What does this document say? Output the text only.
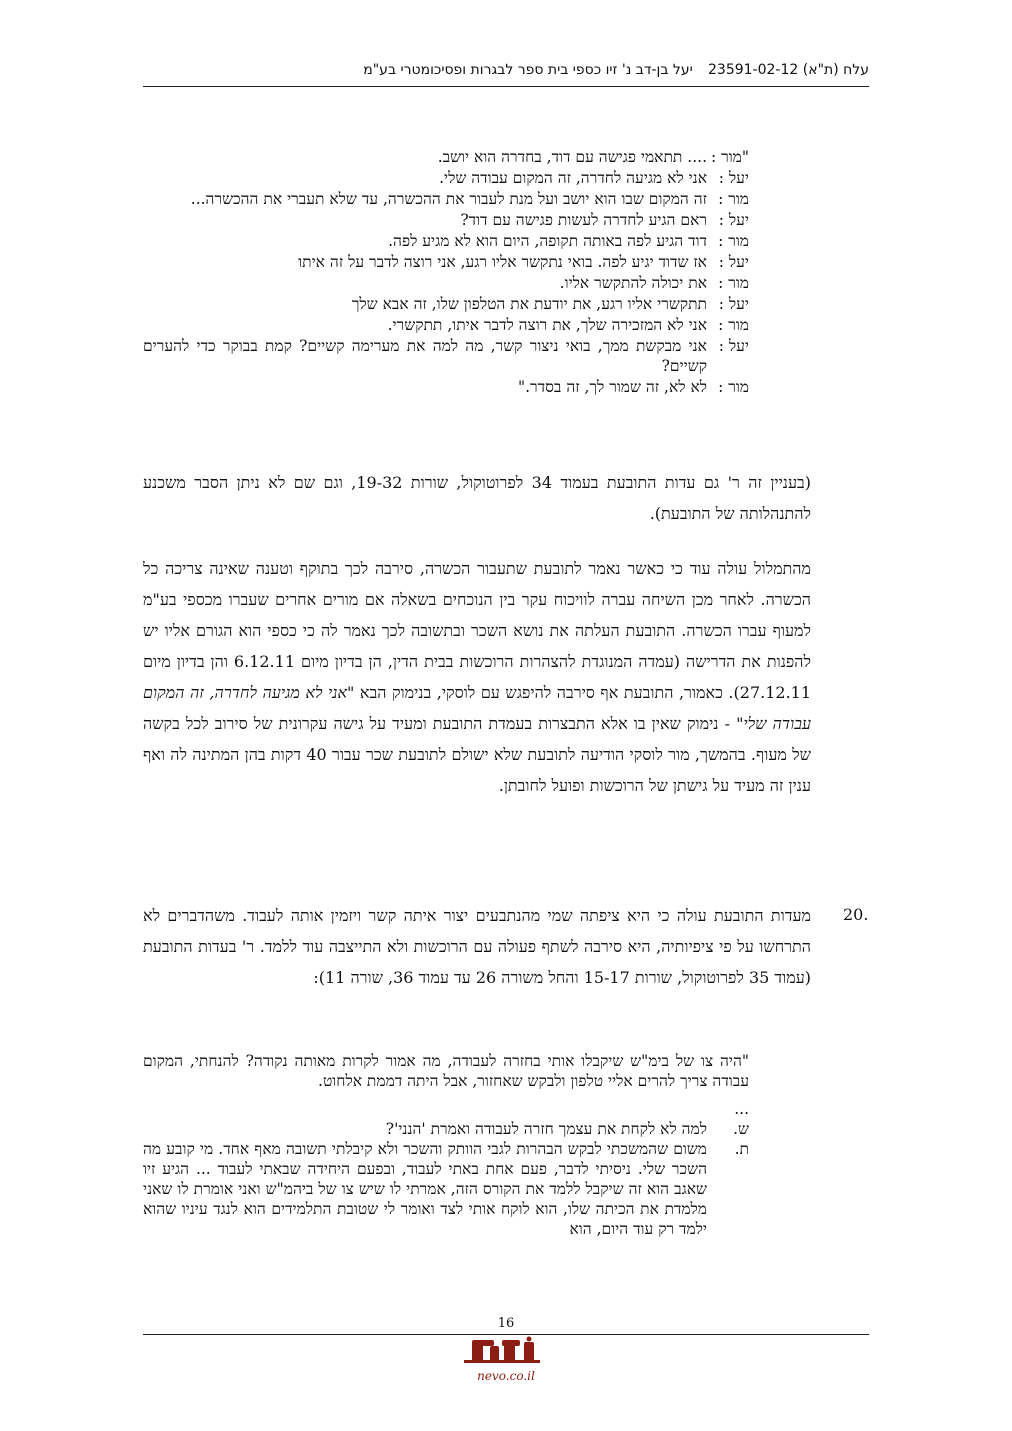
עלח (ת"א) 23591-02-12
יעל בן-דב נ' זיו כספי בית ספר לבגרות ופסיכומטרי בע"מ
"מור :
.... תתאמי פגישה עם דוד, בחדרה הוא יושב.
יעל :
אני לא מגיעה לחדרה, זה המקום עבודה שלי.
מור :
זה המקום שבו הוא יושב ועל מנת לעבור את ההכשרה, עד שלא תעברי את ההכשרה...
יעל :
ראם הגיע לחדרה לעשות פגישה עם דוד?
מור :
דוד הגיע לפה באותה תקופה, היום הוא לא מגיע לפה.
יעל :
אז שדוד יגיע לפה. בואי נתקשר אליו רגע, אני רוצה לדבר על זה איתו
מור :
את יכולה להתקשר אליו.
יעל :
תתקשרי אליו רגע, את יודעת את הטלפון שלו, זה אבא שלך
מור :
אני לא המזכירה שלך, את רוצה לדבר איתו, תתקשרי.
יעל :
אני מבקשת ממך, בואי ניצור קשר, מה למה את מערימה קשיים? קמת בבוקר כדי להערים קשיים?
מור :
לא לא, זה שמור לך, זה בסדר."
(בעניין זה ר' גם עדות התובעת בעמוד 34 לפרוטוקול, שורות 19-32, וגם שם לא ניתן הסבר משכנע להתנהלותה של התובעת).
מהתמלול עולה עוד כי כאשר נאמר לתובעת שתעבור הכשרה, סירבה לכך בתוקף וטענה שאינה צריכה כל הכשרה. לאחר מכן השיחה עברה לוויכוח עקר בין הנוכחים בשאלה אם מורים אחרים שעברו מכספי בע"מ למעוף עברו הכשרה. התובעת העלתה את נושא השכר ובתשובה לכך נאמר לה כי כספי הוא הגורם אליו יש להפנות את הדרישה (עמדה המנוגדת להצהרות הרוכשות בבית הדין, הן בדיון מיום 6.12.11 והן בדיון מיום 27.12.11). כאמור, התובעת אף סירבה להיפגש עם לוסקי, בנימוק הבא "אני לא מגיעה לחדרה, זה המקום עבודה שלי" - נימוק שאין בו אלא התבצרות בעמדת התובעת ומעיד על גישה עקרונית של סירוב לכל בקשה של מעוף. בהמשך, מור לוסקי הודיעה לתובעת שלא ישולם לתובעת שכר עבור 40 דקות בהן המתינה לה ואף ענין זה מעיד על גישתן של הרוכשות ופועל לחובתן.
20.
מעדות התובעת עולה כי היא ציפתה שמי מהנתבעים יצור איתה קשר ויזמין אותה לעבוד. משהדברים לא התרחשו על פי ציפיותיה, היא סירבה לשתף פעולה עם הרוכשות ולא התייצבה עוד ללמד. ר' בעדות התובעת (עמוד 35 לפרוטוקול, שורות 15-17 והחל משורה 26 עד עמוד 36, שורה 11):
"היה צו של בימ"ש שיקבלו אותי בחזרה לעבודה, מה אמור לקרות מאותה נקודה? להנחתי, המקום עבודה צריך להרים אליי טלפון ולבקש שאחזור, אבל היתה דממת אלחוט.
...
ש.
למה לא לקחת את עצמך חזרה לעבודה ואמרת 'הנני'?
ת.
משום שהמשכתי לבקש הבהרות לגבי הוותק והשכר ולא קיבלתי תשובה מאף אחד. מי קובע מה השכר שלי. ניסיתי לדבר, פעם אחת באתי לעבוד, ובפעם היחידה שבאתי לעבוד ... הגיע זיו שאגב הוא זה שיקבל ללמד את הקורס הזה, אמרתי לו שיש צו של ביהמ"ש ואני אומרת לו שאני מלמדת את הכיתה שלו, הוא לוקח אותי לצד ואומר לי שטובת התלמידים הוא לנגד עיניו שהוא ילמד רק עוד היום, הוא
16
nevo.co.il
